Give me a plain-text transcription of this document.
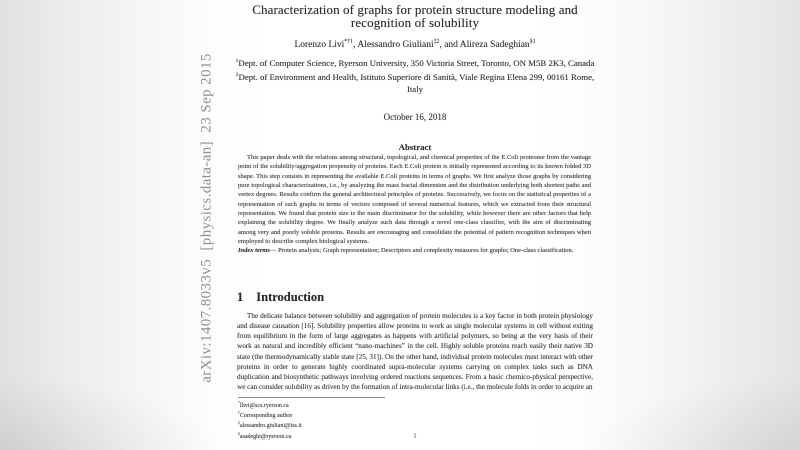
arXiv:1407.8033v5  [physics.data-an]  23 Sep 2015
Characterization of graphs for protein structure modeling and
recognition of solubility
Lorenzo Livi$^{*\dagger 1}$, Alessandro Giuliani$^{\ddagger 2}$, and Alireza Sadeghian$^{\S 1}$
$^1$Dept. of Computer Science, Ryerson University, 350 Victoria Street, Toronto, ON M5B 2K3, Canada
$^2$Dept. of Environment and Health, Istituto Superiore di Sanità, Viale Regina Elena 299, 00161 Rome, Italy
October 16, 2018
Abstract

This paper deals with the relations among structural, topological, and chemical properties of the E.Coli proteome from the vantage point of the solubility/aggregation propensity of proteins. Each E.Coli protein is initially represented according to its known folded 3D shape. This step consists in representing the available E.Coli proteins in terms of graphs. We first analyze those graphs by considering pure topological characterizations, i.e., by analyzing the mass fractal dimension and the distribution underlying both shortest paths and vertex degrees. Results confirm the general architectural principles of proteins. Successively, we focus on the statistical properties of a representation of such graphs in terms of vectors composed of several numerical features, which we extracted from their structural representation. We found that protein size is the main discriminator for the solubility, while however there are other factors that help explaining the solubility degree. We finally analyze such data through a novel one-class classifier, with the aim of discriminating among very and poorly soluble proteins. Results are encouraging and consolidate the potential of pattern recognition techniques when employed to describe complex biological systems.

Index terms— Protein analysis; Graph representation; Descriptors and complexity measures for graphs; One-class classification.

1 Introduction

The delicate balance between solubility and aggregation of protein molecules is a key factor in both protein physiology and disease causation [16]. Solubility properties allow proteins to work as single molecular systems in cell without exiting from equilibrium in the form of large aggregates as happens with artificial polymers, so being at the very basis of their work as natural and incredibly efficient “nano-machines” in the cell. Highly soluble proteins reach easily their native 3D state (the thermodynamically stable state [25, 31]). On the other hand, individual protein molecules must interact with other proteins in order to generate highly coordinated supra-molecular systems carrying on complex tasks such as DNA duplication and biosynthetic pathways involving ordered reactions sequences. From a basic chemico-physical perspective, we can consider solubility as driven by the formation of intra-molecular links (i.e., the molecule folds in order to acquire an

*llivi@scs.ryerson.ca
†Corresponding author
‡alessandro.giuliani@iss.it
§asadeghi@ryerson.ca	1
